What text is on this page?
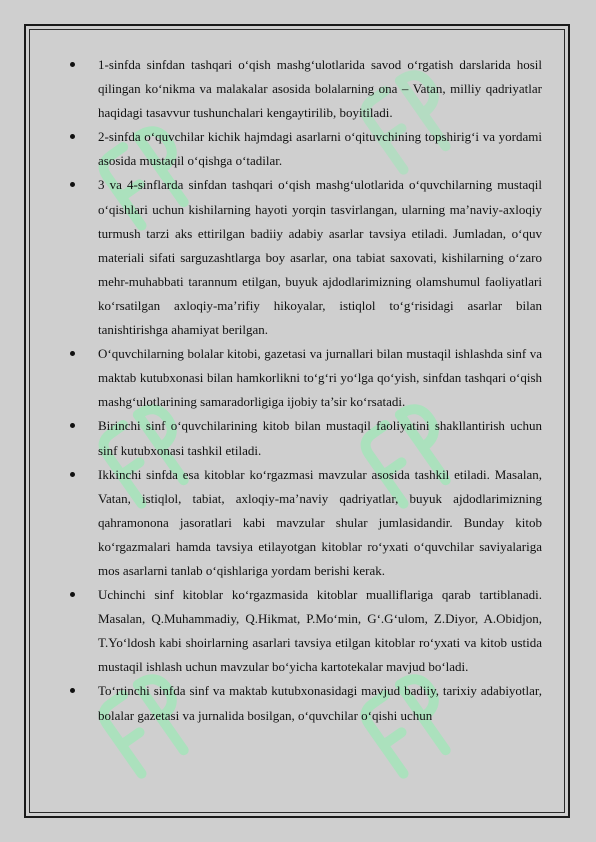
1-sinfda sinfdan tashqari o‘qish mashg‘ulotlarida savod o‘rgatish darslarida hosil qilingan ko‘nikma va malakalar asosida bolalarning ona – Vatan, milliy qadriyatlar haqidagi tasavvur tushunchalari kengaytirilib, boyitiladi.
2-sinfda o‘quvchilar kichik hajmdagi asarlarni o‘qituvchining topshirig‘i va yordami asosida mustaqil o‘qishga o‘tadilar.
3 va 4-sinflarda sinfdan tashqari o‘qish mashg‘ulotlarida o‘quvchilarning mustaqil o‘qishlari uchun kishilarning hayoti yorqin tasvirlangan, ularning ma’naviy-axloqiy turmush tarzi aks ettirilgan badiiy adabiy asarlar tavsiya etiladi. Jumladan, o‘quv materiali sifati sarguzashtlarga boy asarlar, ona tabiat saxovati, kishilarning o‘zaro mehr-muhabbati tarannum etilgan, buyuk ajdodlarimizning olamshumul faoliyatlari ko‘rsatilgan axloqiy-ma’rifiy hikoyalar, istiqlol to‘g‘risidagi asarlar bilan tanishtirishga ahamiyat berilgan.
O‘quvchilarning bolalar kitobi, gazetasi va jurnallari bilan mustaqil ishlashda sinf va maktab kutubxonasi bilan hamkorlikni to‘g‘ri yo‘lga qo‘yish, sinfdan tashqari o‘qish mashg‘ulotlarining samaradorligiga ijobiy ta’sir ko‘rsatadi.
Birinchi sinf o‘quvchilarining kitob bilan mustaqil faoliyatini shakllantirish uchun sinf kutubxonasi tashkil etiladi.
Ikkinchi sinfda esa kitoblar ko‘rgazmasi mavzular asosida tashkil etiladi. Masalan, Vatan, istiqlol, tabiat, axloqiy-ma’naviy qadriyatlar, buyuk ajdodlarimizning qahramonona jasoratlari kabi mavzular shular jumlasidandir. Bunday kitob ko‘rgazmalari hamda tavsiya etilayotgan kitoblar ro‘yxati o‘quvchilar saviyalariga mos asarlarni tanlab o‘qishlariga yordam berishi kerak.
Uchinchi sinf kitoblar ko‘rgazmasida kitoblar mualliflariga qarab tartiblanadi. Masalan, Q.Muhammadiy, Q.Hikmat, P.Mo‘min, G‘.G‘ulom, Z.Diyor, A.Obidjon, T.Yo‘ldosh kabi shoirlarning asarlari tavsiya etilgan kitoblar ro‘yxati va kitob ustida mustaqil ishlash uchun mavzular bo‘yicha kartotekalar mavjud bo‘ladi.
To‘rtinchi sinfda sinf va maktab kutubxonasidagi mavjud badiiy, tarixiy adabiyotlar, bolalar gazetasi va jurnalida bosilgan, o‘quvchilar o‘qishi uchun
